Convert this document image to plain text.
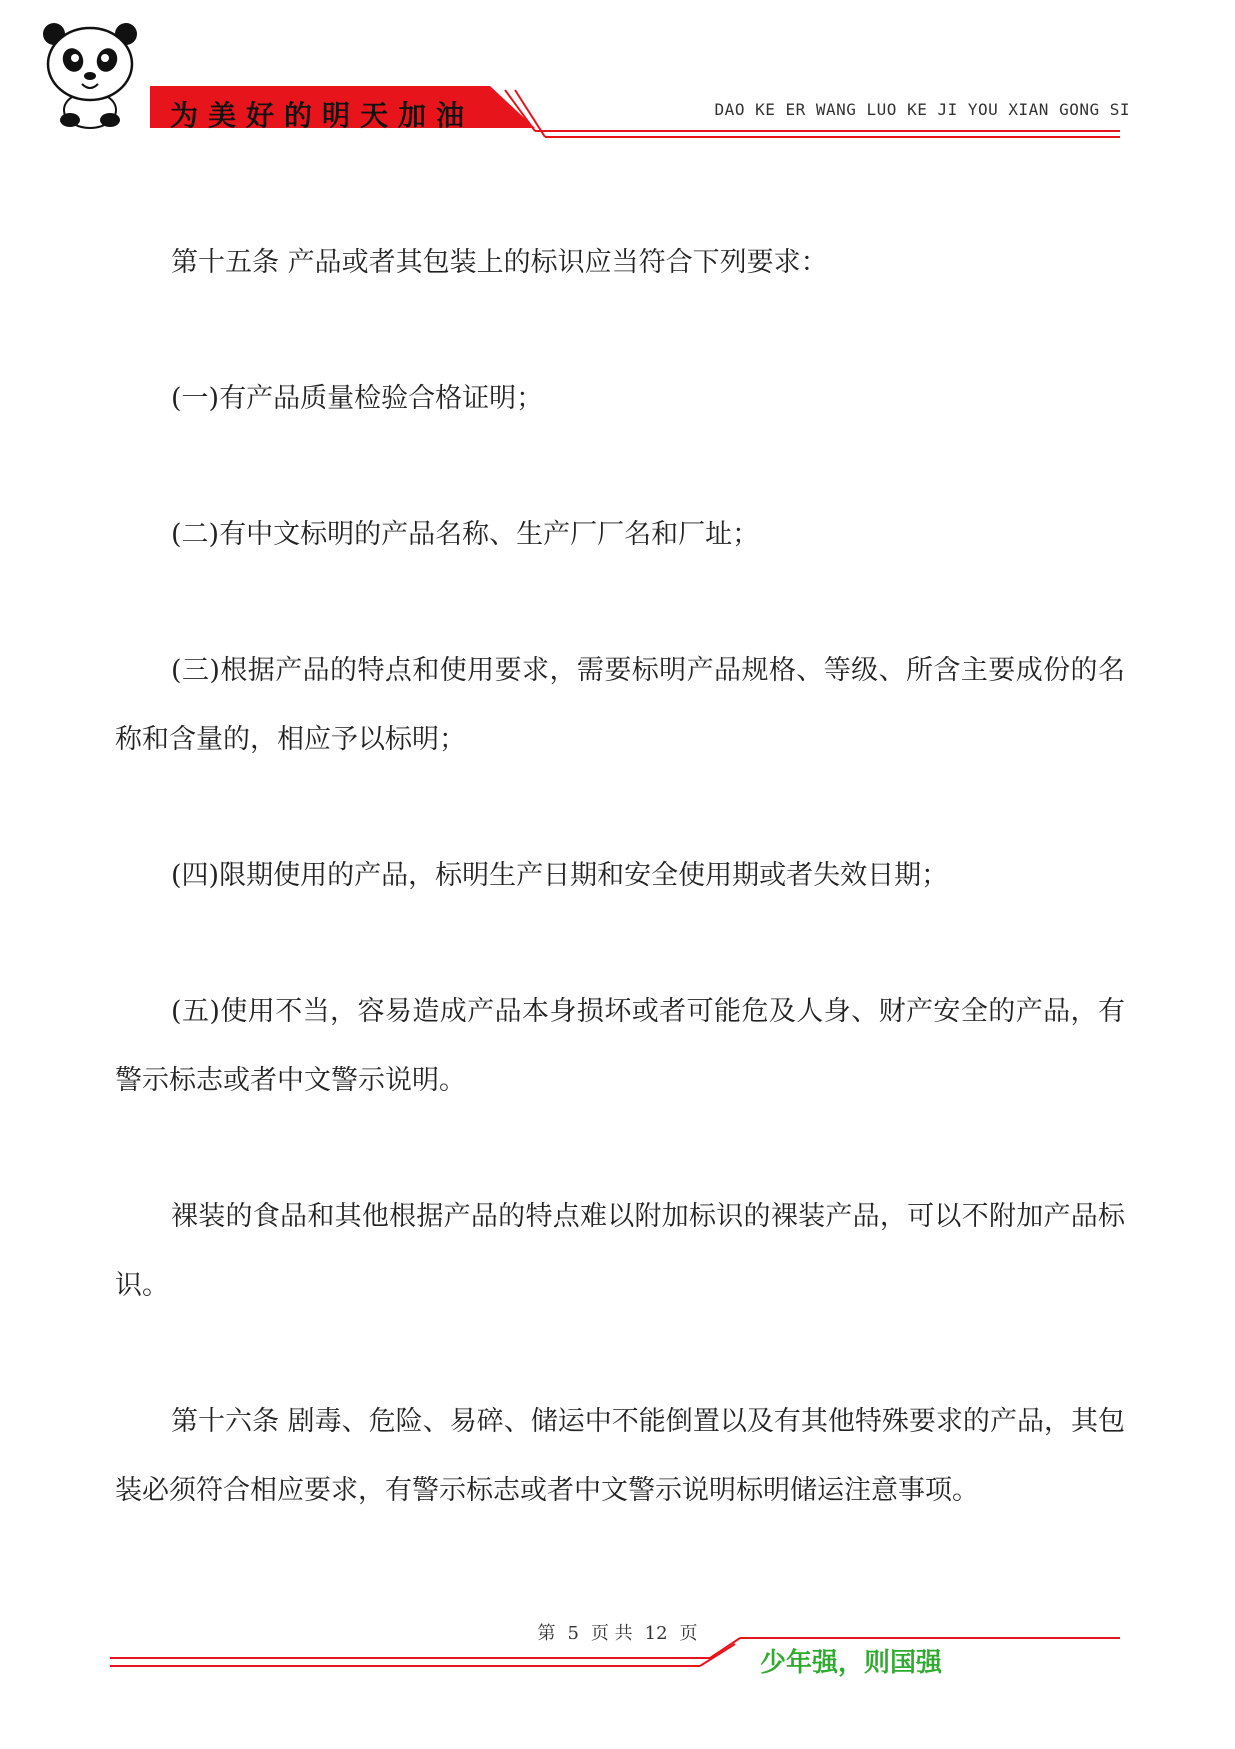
为美好的明天加油	DAO KE ER WANG LUO KE JI YOU XIAN GONG SI

第十五条 产品或者其包装上的标识应当符合下列要求：

(一)有产品质量检验合格证明；

(二)有中文标明的产品名称、生产厂厂名和厂址；

(三)根据产品的特点和使用要求，需要标明产品规格、等级、所含主要成份的名称和含量的，相应予以标明；

(四)限期使用的产品，标明生产日期和安全使用期或者失效日期；

(五)使用不当，容易造成产品本身损坏或者可能危及人身、财产安全的产品，有警示标志或者中文警示说明。

裸装的食品和其他根据产品的特点难以附加标识的裸装产品，可以不附加产品标识。

第十六条 剧毒、危险、易碎、储运中不能倒置以及有其他特殊要求的产品，其包装必须符合相应要求，有警示标志或者中文警示说明标明储运注意事项。

第 5 页 共 12 页
少年强，则国强
